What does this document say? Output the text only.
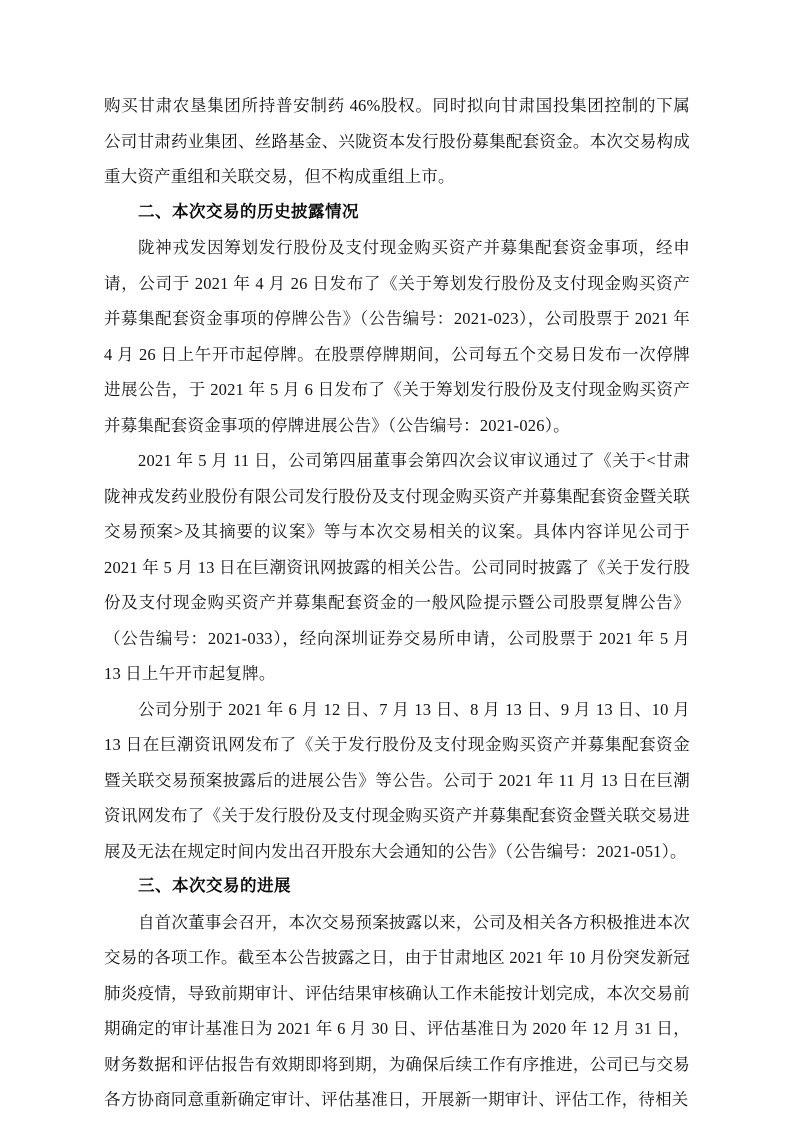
购买甘肃农垦集团所持普安制药 46%股权。同时拟向甘肃国投集团控制的下属公司甘肃药业集团、丝路基金、兴陇资本发行股份募集配套资金。本次交易构成重大资产重组和关联交易，但不构成重组上市。

二、本次交易的历史披露情况

陇神戎发因筹划发行股份及支付现金购买资产并募集配套资金事项，经申请，公司于 2021 年 4 月 26 日发布了《关于筹划发行股份及支付现金购买资产并募集配套资金事项的停牌公告》（公告编号：2021-023），公司股票于 2021 年 4 月 26 日上午开市起停牌。在股票停牌期间，公司每五个交易日发布一次停牌进展公告，于 2021 年 5 月 6 日发布了《关于筹划发行股份及支付现金购买资产并募集配套资金事项的停牌进展公告》（公告编号：2021-026）。

2021 年 5 月 11 日，公司第四届董事会第四次会议审议通过了《关于<甘肃陇神戎发药业股份有限公司发行股份及支付现金购买资产并募集配套资金暨关联交易预案>及其摘要的议案》等与本次交易相关的议案。具体内容详见公司于 2021 年 5 月 13 日在巨潮资讯网披露的相关公告。公司同时披露了《关于发行股份及支付现金购买资产并募集配套资金的一般风险提示暨公司股票复牌公告》（公告编号：2021-033），经向深圳证券交易所申请，公司股票于 2021 年 5 月 13 日上午开市起复牌。

公司分别于 2021 年 6 月 12 日、7 月 13 日、8 月 13 日、9 月 13 日、10 月 13 日在巨潮资讯网发布了《关于发行股份及支付现金购买资产并募集配套资金暨关联交易预案披露后的进展公告》等公告。公司于 2021 年 11 月 13 日在巨潮资讯网发布了《关于发行股份及支付现金购买资产并募集配套资金暨关联交易进展及无法在规定时间内发出召开股东大会通知的公告》（公告编号：2021-051）。

三、本次交易的进展

自首次董事会召开，本次交易预案披露以来，公司及相关各方积极推进本次交易的各项工作。截至本公告披露之日，由于甘肃地区 2021 年 10 月份突发新冠肺炎疫情，导致前期审计、评估结果审核确认工作未能按计划完成，本次交易前期确定的审计基准日为 2021 年 6 月 30 日、评估基准日为 2020 年 12 月 31 日，财务数据和评估报告有效期即将到期，为确保后续工作有序推进，公司已与交易各方协商同意重新确定审计、评估基准日，开展新一期审计、评估工作，待相关
